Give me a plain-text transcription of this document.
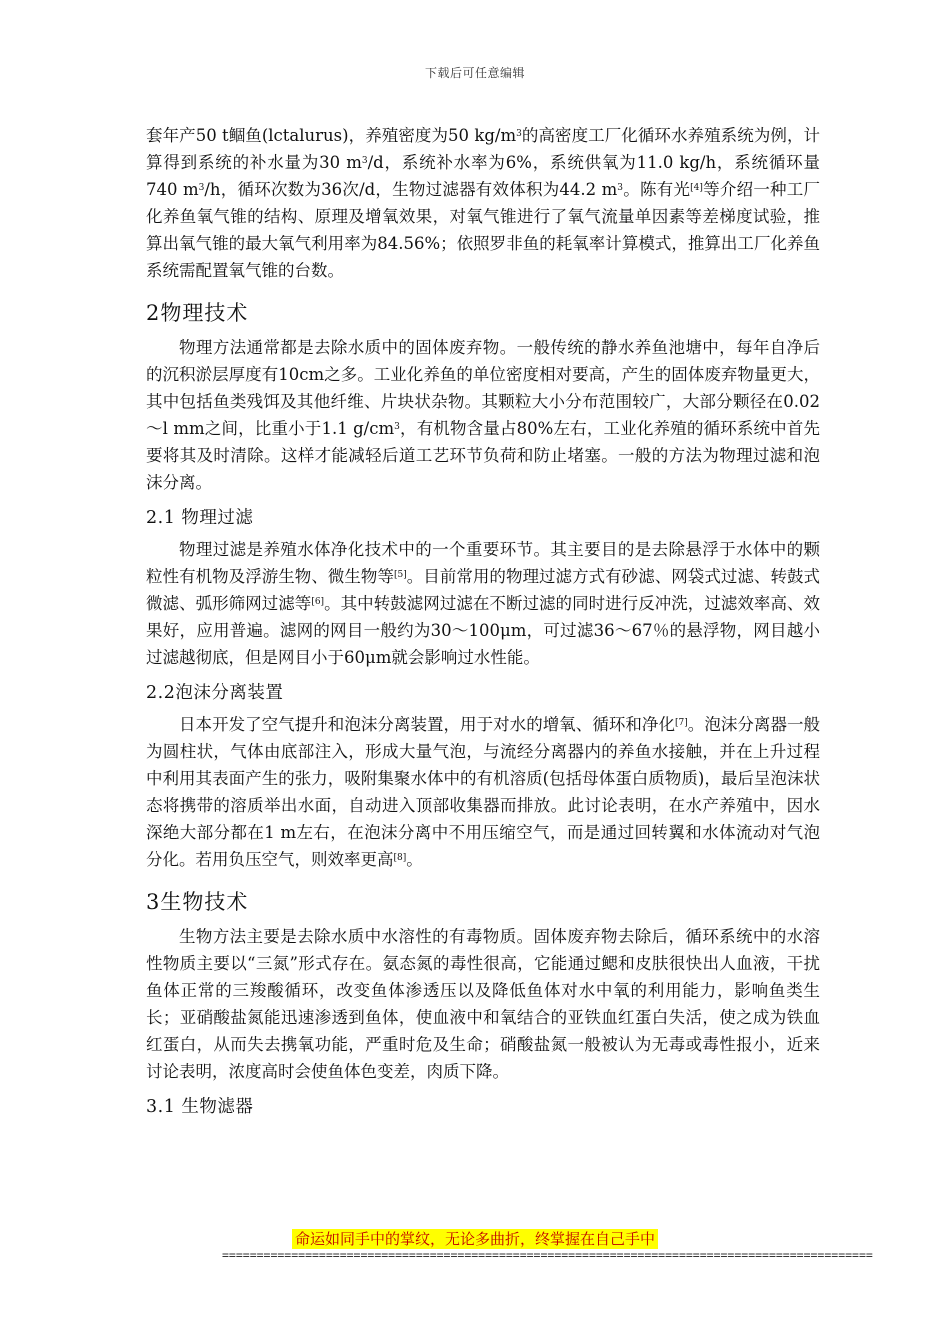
下载后可任意编辑

套年产50 t鲴鱼(lctalurus)，养殖密度为50 $kg/m^3$的高密度工厂化循环水养殖系统为例，计算得到系统的补水量为30 $m^3/d$，系统补水率为6%，系统供氧为11.0 kg/h，系统循环量740 $m^3/h$，循环次数为36次/d，生物过滤器有效体积为44.2 $m^3$。陈有光[4]等介绍一种工厂化养鱼氧气锥的结构、原理及增氧效果，对氧气锥进行了氧气流量单因素等差梯度试验，推算出氧气锥的最大氧气利用率为84.56%；依照罗非鱼的耗氧率计算模式，推算出工厂化养鱼系统需配置氧气锥的台数。

2物理技术

物理方法通常都是去除水质中的固体废弃物。一般传统的静水养鱼池塘中，每年自净后的沉积淤层厚度有10cm之多。工业化养鱼的单位密度相对要高，产生的固体废弃物量更大，其中包括鱼类残饵及其他纤维、片块状杂物。其颗粒大小分布范围较广，大部分颗径在0.02～l mm之间，比重小于1.1 $g/cm^3$，有机物含量占80%左右，工业化养殖的循环系统中首先要将其及时清除。这样才能减轻后道工艺环节负荷和防止堵塞。一般的方法为物理过滤和泡沫分离。

2.1 物理过滤

物理过滤是养殖水体净化技术中的一个重要环节。其主要目的是去除悬浮于水体中的颗粒性有机物及浮游生物、微生物等[5]。目前常用的物理过滤方式有砂滤、网袋式过滤、转鼓式微滤、弧形筛网过滤等[6]。其中转鼓滤网过滤在不断过滤的同时进行反冲洗，过滤效率高、效果好，应用普遍。滤网的网目一般约为30～100μm，可过滤36～67％的悬浮物，网目越小过滤越彻底，但是网目小于60μm就会影响过水性能。

2.2泡沫分离装置

日本开发了空气提升和泡沫分离装置，用于对水的增氧、循环和净化[7]。泡沫分离器一般为圆柱状，气体由底部注入，形成大量气泡，与流经分离器内的养鱼水接触，并在上升过程中利用其表面产生的张力，吸附集聚水体中的有机溶质(包括母体蛋白质物质)，最后呈泡沫状态将携带的溶质举出水面，自动进入顶部收集器而排放。此讨论表明，在水产养殖中，因水深绝大部分都在1 m左右，在泡沫分离中不用压缩空气，而是通过回转翼和水体流动对气泡分化。若用负压空气，则效率更高[8]。

3生物技术

生物方法主要是去除水质中水溶性的有毒物质。固体废弃物去除后，循环系统中的水溶性物质主要以“三氮”形式存在。氨态氮的毒性很高，它能通过鳃和皮肤很快出人血液，干扰鱼体正常的三羧酸循环，改变鱼体渗透压以及降低鱼体对水中氧的利用能力，影响鱼类生长；亚硝酸盐氮能迅速渗透到鱼体，使血液中和氧结合的亚铁血红蛋白失活，使之成为铁血红蛋白，从而失去携氧功能，严重时危及生命；硝酸盐氮一般被认为无毒或毒性报小，近来讨论表明，浓度高时会使鱼体色变差，肉质下降。

3.1 生物滤器
命运如同手中的掌纹，无论多曲折，终掌握在自己手中
==============================================================================================
